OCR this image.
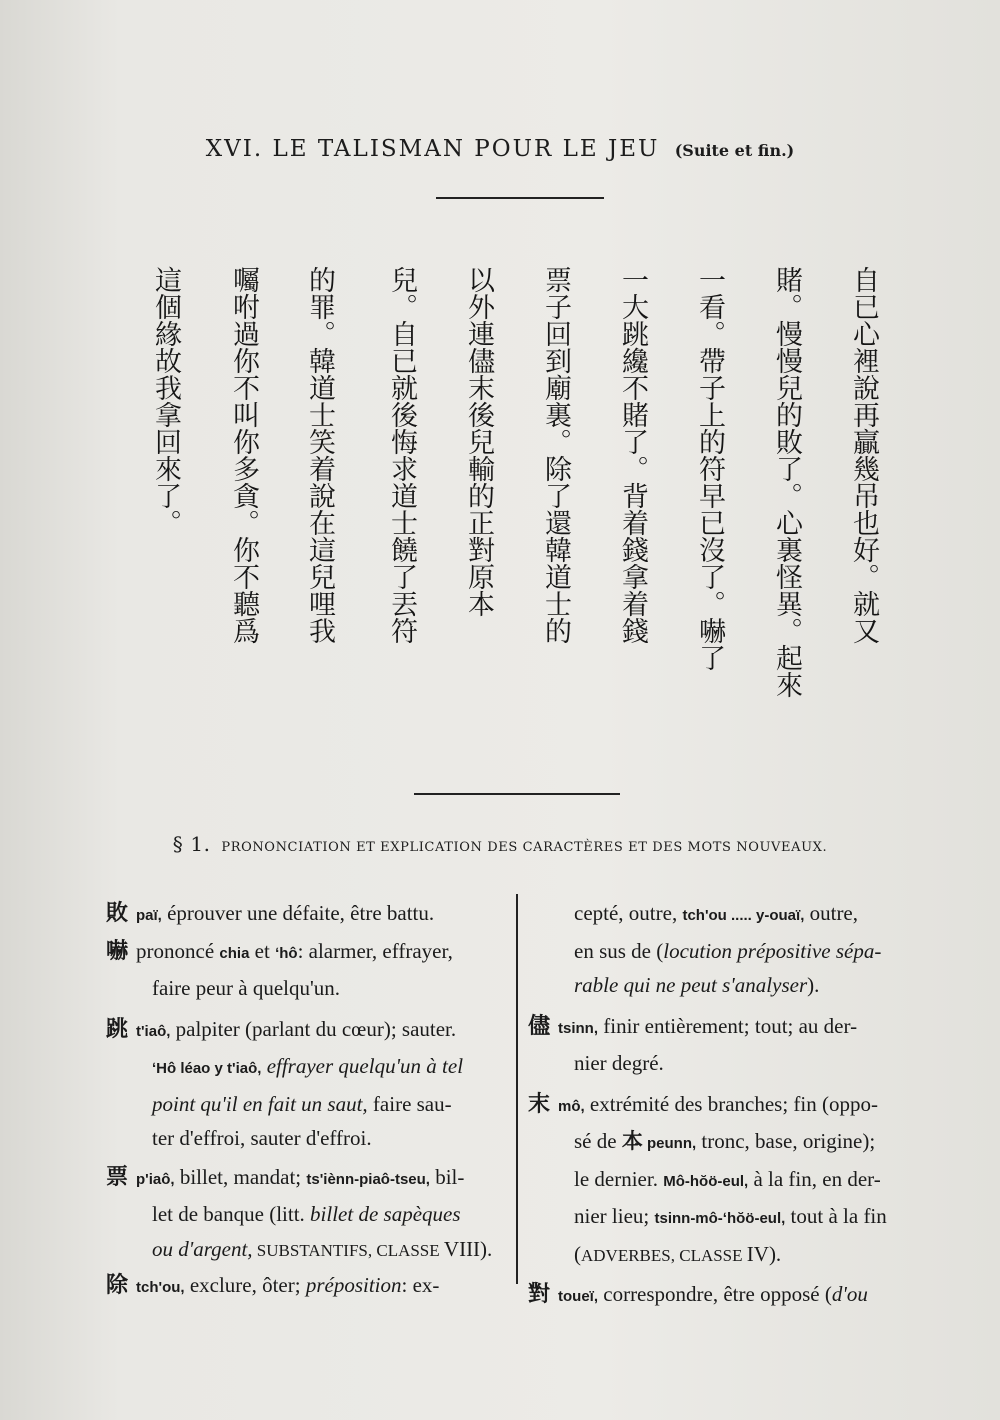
XVI. LE TALISMAN POUR LE JEU (Suite et fin.)
自已心裡說再贏幾吊也好。就又
賭。慢慢兒的敗了。心裏怪異。起來
一看。帶子上的符早已沒了。嚇了
一大跳纔不賭了。背着錢拿着錢
票子回到廟裏。除了還韓道士的
以外連儘末後兒輸的正對原本
兒。自已就後悔求道士饒了丟符
的罪。韓道士笑着說在這兒哩我
囑咐過你不叫你多貪。你不聽爲
這個緣故我拿回來了。
§ 1. PRONONCIATION ET EXPLICATION DES CARACTÈRES ET DES MOTS NOUVEAUX.
敗 paï, éprouver une défaite, être battu.
嚇 prononcé chia et ʻhô: alarmer, effrayer,
faire peur à quelqu'un.
跳 t'iaô, palpiter (parlant du cœur); sauter.
ʻHô léao y t'iaô, effrayer quelqu'un à tel
point qu'il en fait un saut, faire sau-
ter d'effroi, sauter d'effroi.
票 p'iaô, billet, mandat; ts'iènn-piaô-tseu, bil-
let de banque (litt. billet de sapèques
ou d'argent, SUBSTANTIFS, CLASSE VIII).
除 tch'ou, exclure, ôter; préposition: ex-
cepté, outre, tch'ou ..... y-ouaï, outre,
en sus de (locution prépositive sépa-
rable qui ne peut s'analyser).
儘 tsinn, finir entièrement; tout; au der-
nier degré.
末 mô, extrémité des branches; fin (oppo-
sé de 本 peunn, tronc, base, origine);
le dernier. Mô-hŏö-eul, à la fin, en der-
nier lieu; tsinn-mô-ʻhŏö-eul, tout à la fin
(ADVERBES, CLASSE IV).
對 toueï, correspondre, être opposé (d'ou
